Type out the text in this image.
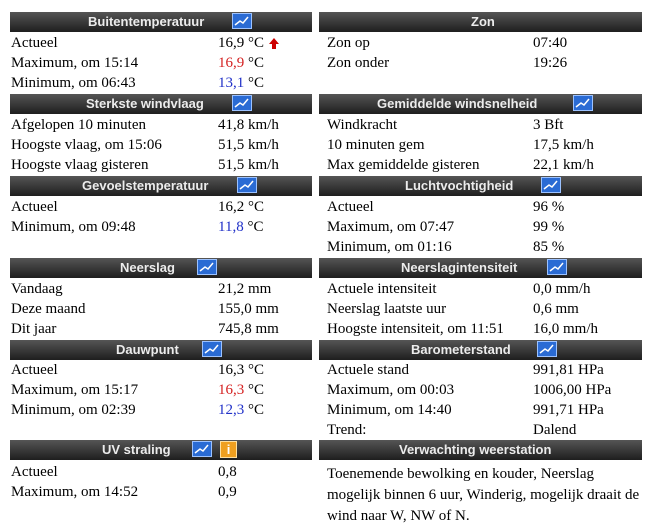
Buitentemperatuur	Zon
Sterkste windvlaag	Gemiddelde windsnelheid
Gevoelstemperatuur	Luchtvochtigheid
Neerslag	Neerslagintensiteit
Dauwpunt	Barometerstand
UV straling	i	Verwachting weerstation
Actueel	16,9 °C
Maximum, om 15:14	16,9 °C
Minimum, om 06:43	13,1 °C
Zon op	07:40
Zon onder	19:26
Afgelopen 10 minuten	41,8 km/h
Hoogste vlaag, om 15:06	51,5 km/h
Hoogste vlaag gisteren	51,5 km/h
Windkracht	3 Bft
10 minuten gem	17,5 km/h
Max gemiddelde gisteren	22,1 km/h
Actueel	16,2 °C
Minimum, om 09:48	11,8 °C
Actueel	96 %
Maximum, om 07:47	99 %
Minimum, om 01:16	85 %
Vandaag	21,2 mm
Deze maand	155,0 mm
Dit jaar	745,8 mm
Actuele intensiteit	0,0 mm/h
Neerslag laatste uur	0,6 mm
Hoogste intensiteit, om 11:51 16,0 mm/h
Actueel	16,3 °C
Maximum, om 15:17	16,3 °C
Minimum, om 02:39	12,3 °C
Actuele stand	991,81 HPa
Maximum, om 00:03	1006,00 HPa
Minimum, om 14:40	991,71 HPa
Trend:	Dalend
Actueel	0,8
Maximum, om 14:52	0,9
Toenemende bewolking en kouder, Neerslag mogelijk binnen 6 uur, Winderig, mogelijk draait de wind naar W, NW of N.
